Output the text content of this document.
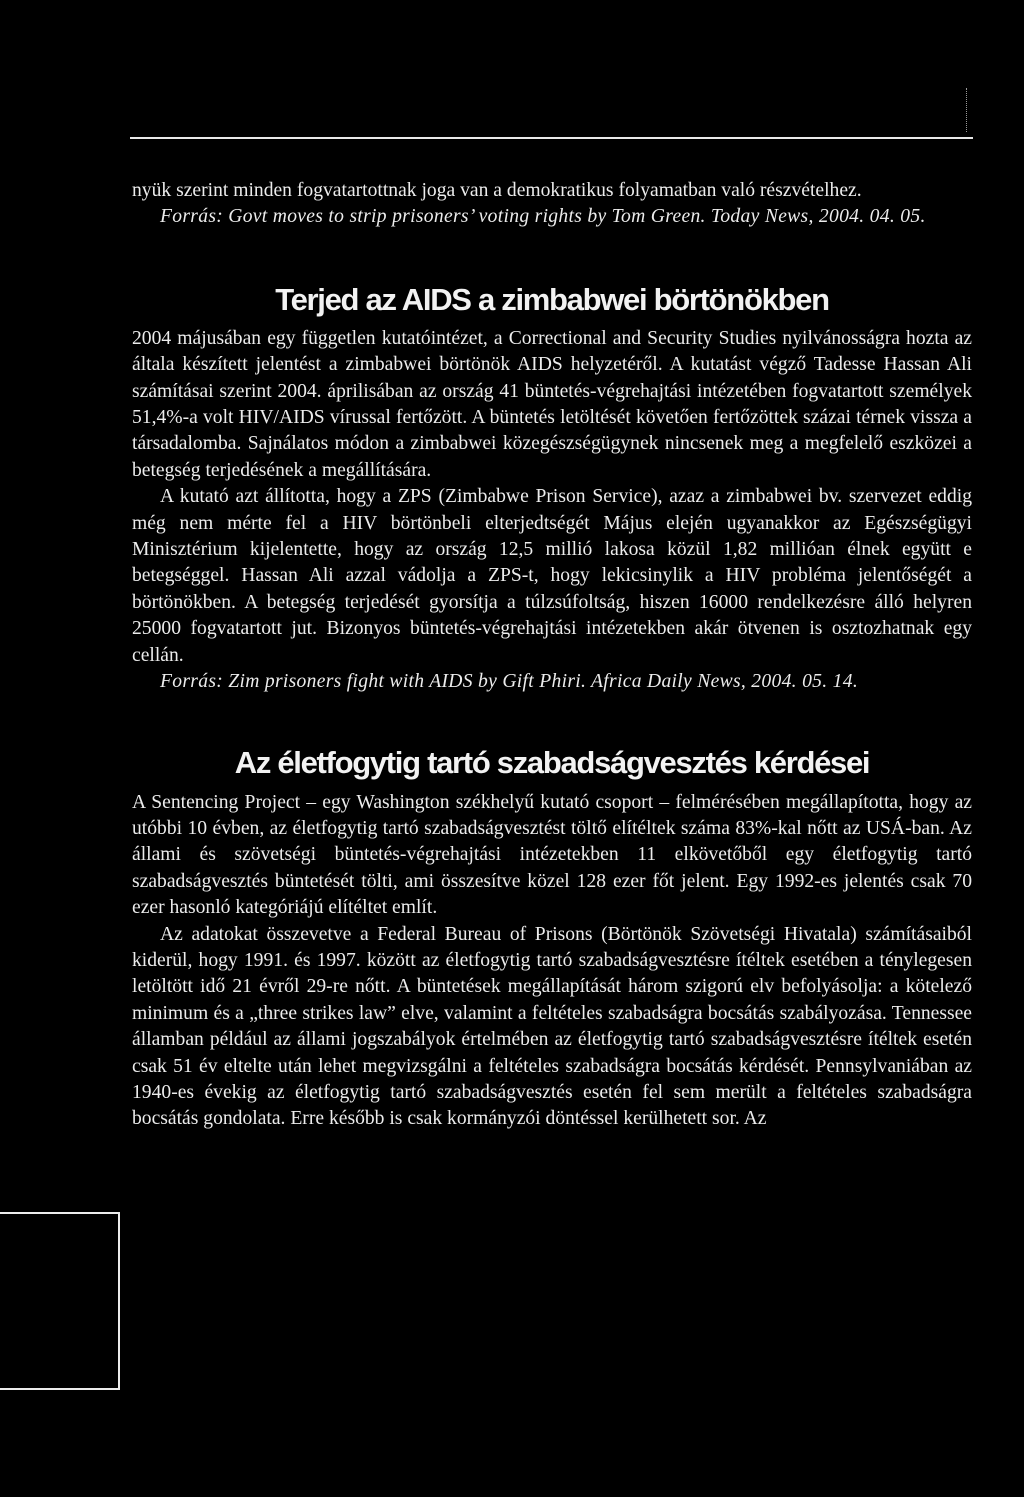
nyük szerint minden fogvatartottnak joga van a demokratikus folyamatban való részvételhez.

Forrás: Govt moves to strip prisoners’ voting rights by Tom Green. Today News, 2004. 04. 05.

Terjed az AIDS a zimbabwei börtönökben

2004 májusában egy független kutatóintézet, a Correctional and Security Studies nyilvánosságra hozta az általa készített jelentést a zimbabwei börtönök AIDS helyzetéről. A kutatást végző Tadesse Hassan Ali számításai szerint 2004. áprilisában az ország 41 büntetés-végrehajtási intézetében fogvatartott személyek 51,4%-a volt HIV/AIDS vírussal fertőzött. A büntetés letöltését követően fertőzöttek százai térnek vissza a társadalomba. Sajnálatos módon a zimbabwei közegészségügynek nincsenek meg a megfelelő eszközei a betegség terjedésének a megállítására.

A kutató azt állította, hogy a ZPS (Zimbabwe Prison Service), azaz a zimbabwei bv. szervezet eddig még nem mérte fel a HIV börtönbeli elterjedtségét Május elején ugyanakkor az Egészségügyi Minisztérium kijelentette, hogy az ország 12,5 millió lakosa közül 1,82 millióan élnek együtt e betegséggel. Hassan Ali azzal vádolja a ZPS-t, hogy lekicsinylik a HIV probléma jelentőségét a börtönökben. A betegség terjedését gyorsítja a túlzsúfoltság, hiszen 16000 rendelkezésre álló helyren 25000 fogvatartott jut. Bizonyos büntetés-végrehajtási intézetekben akár ötvenen is osztozhatnak egy cellán.

Forrás: Zim prisoners fight with AIDS by Gift Phiri. Africa Daily News, 2004. 05. 14.

Az életfogytig tartó szabadságvesztés kérdései

A Sentencing Project – egy Washington székhelyű kutató csoport – felmérésében megállapította, hogy az utóbbi 10 évben, az életfogytig tartó szabadságvesztést töltő elítéltek száma 83%-kal nőtt az USÁ-ban. Az állami és szövetségi büntetés-végrehajtási intézetekben 11 elkövetőből egy életfogytig tartó szabadságvesztés büntetését tölti, ami összesítve közel 128 ezer főt jelent. Egy 1992-es jelentés csak 70 ezer hasonló kategóriájú elítéltet említ.

Az adatokat összevetve a Federal Bureau of Prisons (Börtönök Szövetségi Hivatala) számításaiból kiderül, hogy 1991. és 1997. között az életfogytig tartó szabadságvesztésre ítéltek esetében a ténylegesen letöltött idő 21 évről 29-re nőtt. A büntetések megállapítását három szigorú elv befolyásolja: a kötelező minimum és a „three strikes law” elve, valamint a feltételes szabadságra bocsátás szabályozása. Tennessee államban például az állami jogszabályok értelmében az életfogytig tartó szabadságvesztésre ítéltek esetén csak 51 év eltelte után lehet megvizsgálni a feltételes szabadságra bocsátás kérdését. Pennsylvaniában az 1940-es évekig az életfogytig tartó szabadságvesztés esetén fel sem merült a feltételes szabadságra bocsátás gondolata. Erre később is csak kormányzói döntéssel kerülhetett sor. Az
